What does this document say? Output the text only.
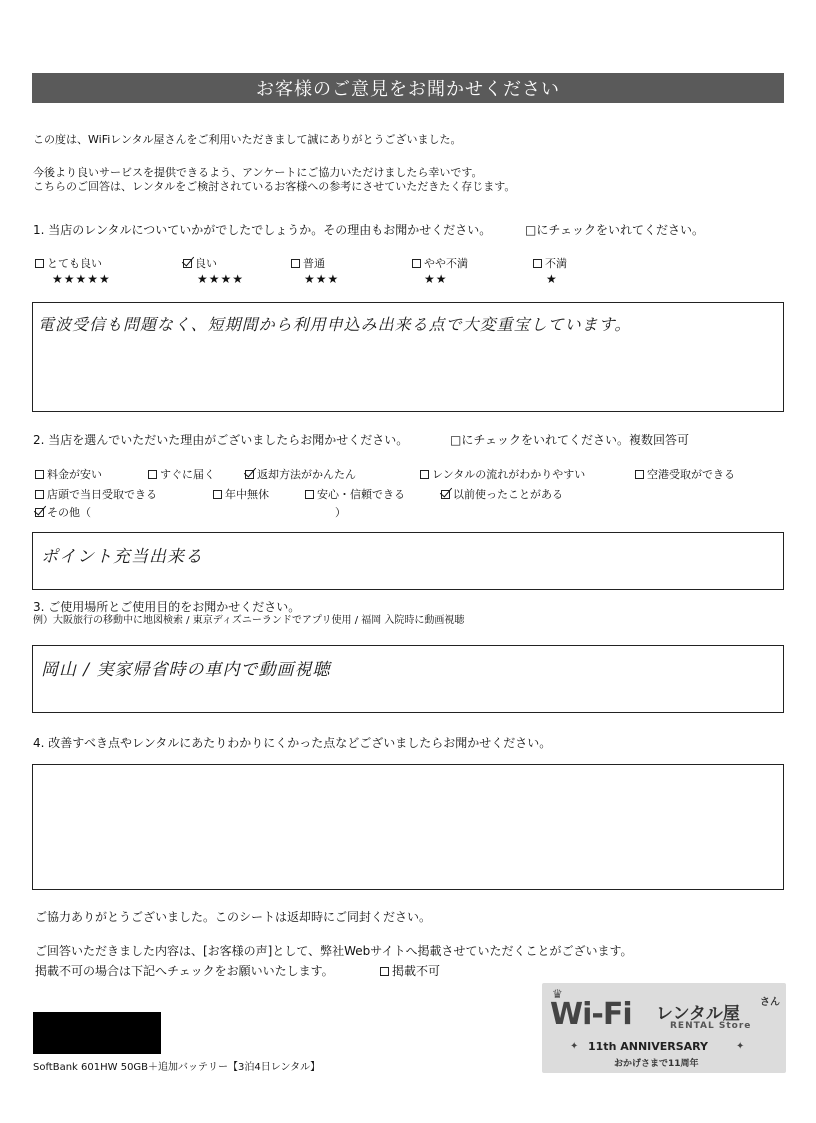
お客様のご意見をお聞かせください
この度は、WiFiレンタル屋さんをご利用いただきまして誠にありがとうございました。
今後より良いサービスを提供できるよう、アンケートにご協力いただけましたら幸いです。
こちらのご回答は、レンタルをご検討されているお客様への参考にさせていただきたく存じます。
1. 当店のレンタルについていかがでしたでしょうか。その理由もお聞かせください。	□にチェックをいれてください。
とても良い
★★★★★
良い
★★★★
普通
★★★
やや不満
★★
不満
★
電波受信も問題なく、短期間から利用申込み出来る点で大変重宝しています。
2. 当店を選んでいただいた理由がございましたらお聞かせください。	□にチェックをいれてください。複数回答可
料金が安い	すぐに届く	返却方法がかんたん	レンタルの流れがわかりやすい	空港受取ができる
店頭で当日受取できる	年中無休	安心・信頼できる	以前使ったことがある
その他（	）
ポイント充当出来る
3. ご使用場所とご使用目的をお聞かせください。
例）大阪旅行の移動中に地図検索 / 東京ディズニーランドでアプリ使用 / 福岡 入院時に動画視聴
岡山 / 実家帰省時の車内で動画視聴
4. 改善すべき点やレンタルにあたりわかりにくかった点などございましたらお聞かせください。
ご協力ありがとうございました。このシートは返却時にご同封ください。
ご回答いただきました内容は、[お客様の声]として、弊社Webサイトへ掲載させていただくことがございます。
掲載不可の場合は下記へチェックをお願いいたします。	掲載不可
SoftBank 601HW 50GB＋追加バッテリー【3泊4日レンタル】
♛
Wi-Fi レンタル屋
さん
RENTAL Store
✦ 11th ANNIVERSARY	✦
おかげさまで11周年
